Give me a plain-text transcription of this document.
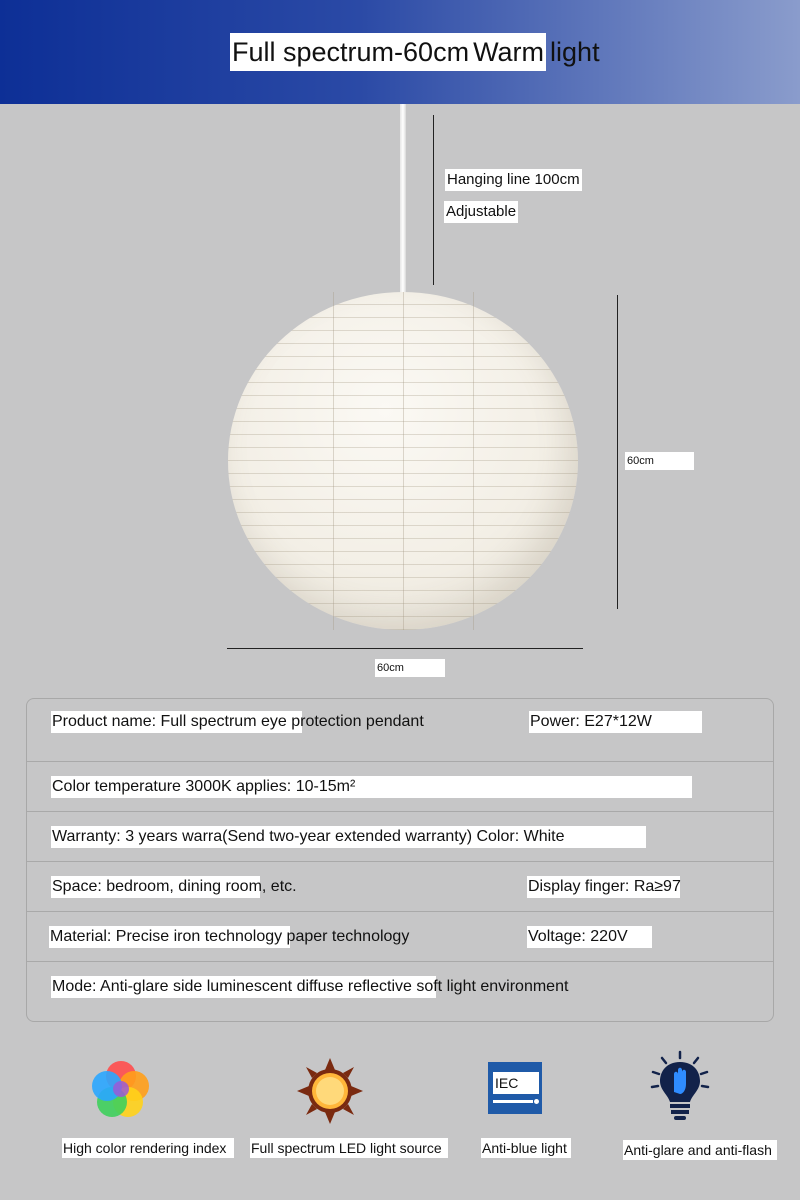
Full spectrum-60cm Warm light
Hanging line 100cm
Adjustable
60cm
60cm
Product name: Full spectrum eye protection pendant	Power: E27*12W
Color temperature 3000K applies: 10-15m²
Warranty: 3 years warra(Send two-year extended warranty) Color: White
Space: bedroom, dining room, etc.	Display finger: Ra≥97
Material: Precise iron technology paper technology	Voltage: 220V
Mode: Anti-glare side luminescent diffuse reflective soft light environment
IEC
High color rendering index	Full spectrum LED light source	Anti-blue light	Anti-glare and anti-flash
